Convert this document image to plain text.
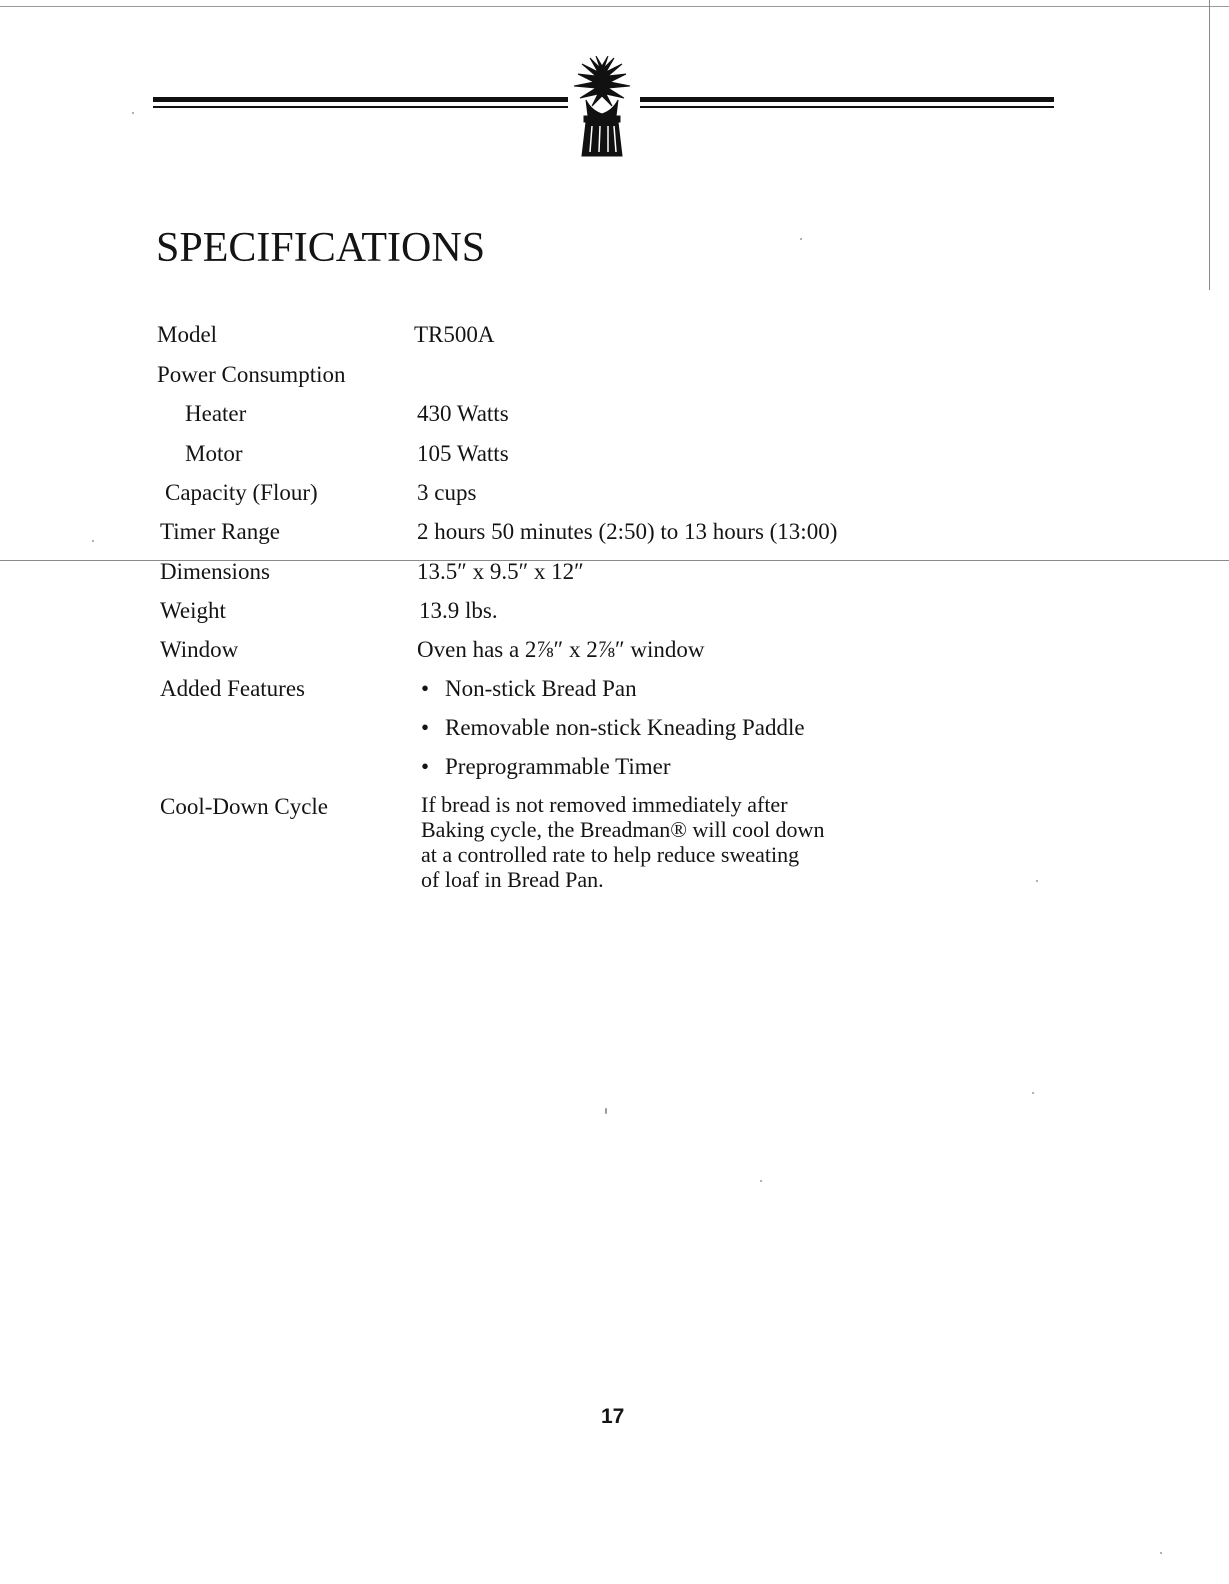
SPECIFICATIONS
Model	TR500A
Power Consumption
Heater	430 Watts
Motor	105 Watts
Capacity (Flour)	3 cups
Timer Range	2 hours 50 minutes (2:50) to 13 hours (13:00)
Dimensions	13.5″ x 9.5″ x 12″
Weight	13.9 lbs.
Window	Oven has a 2⅞″ x 2⅞″ window
Added Features	• Non-stick Bread Pan
• Removable non-stick Kneading Paddle
• Preprogrammable Timer
Cool-Down Cycle	If bread is not removed immediately after
Baking cycle, the Breadman® will cool down
at a controlled rate to help reduce sweating
of loaf in Bread Pan.
17
